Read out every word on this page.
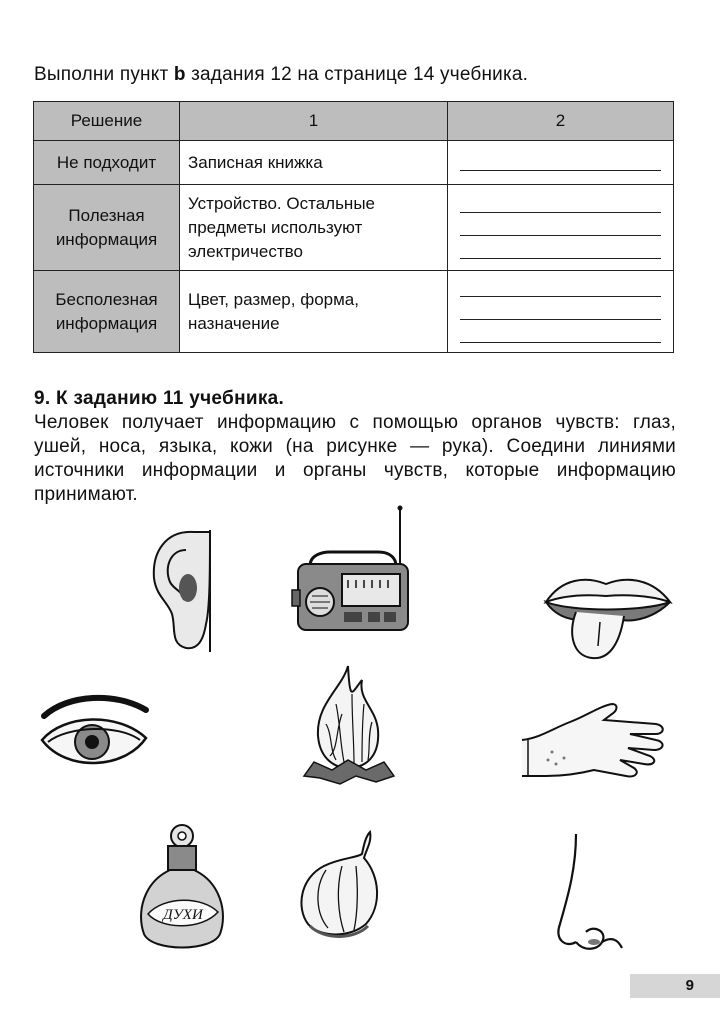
Выполни пункт b задания 12 на странице 14 учебника.
Решение	1	2
Не подходит	Записная книжка	

Полезная информация	Устройство. Остальные предметы используют электричество	

Бесполезная информация	Цвет, размер, форма, назначение	
9. К заданию 11 учебника.
Человек получает информацию с помощью органов чувств: глаз, ушей, носа, языка, кожи (на рисунке — рука). Соедини линиями источники информации и органы чувств, которые информацию принимают.
ДУХИ
9
